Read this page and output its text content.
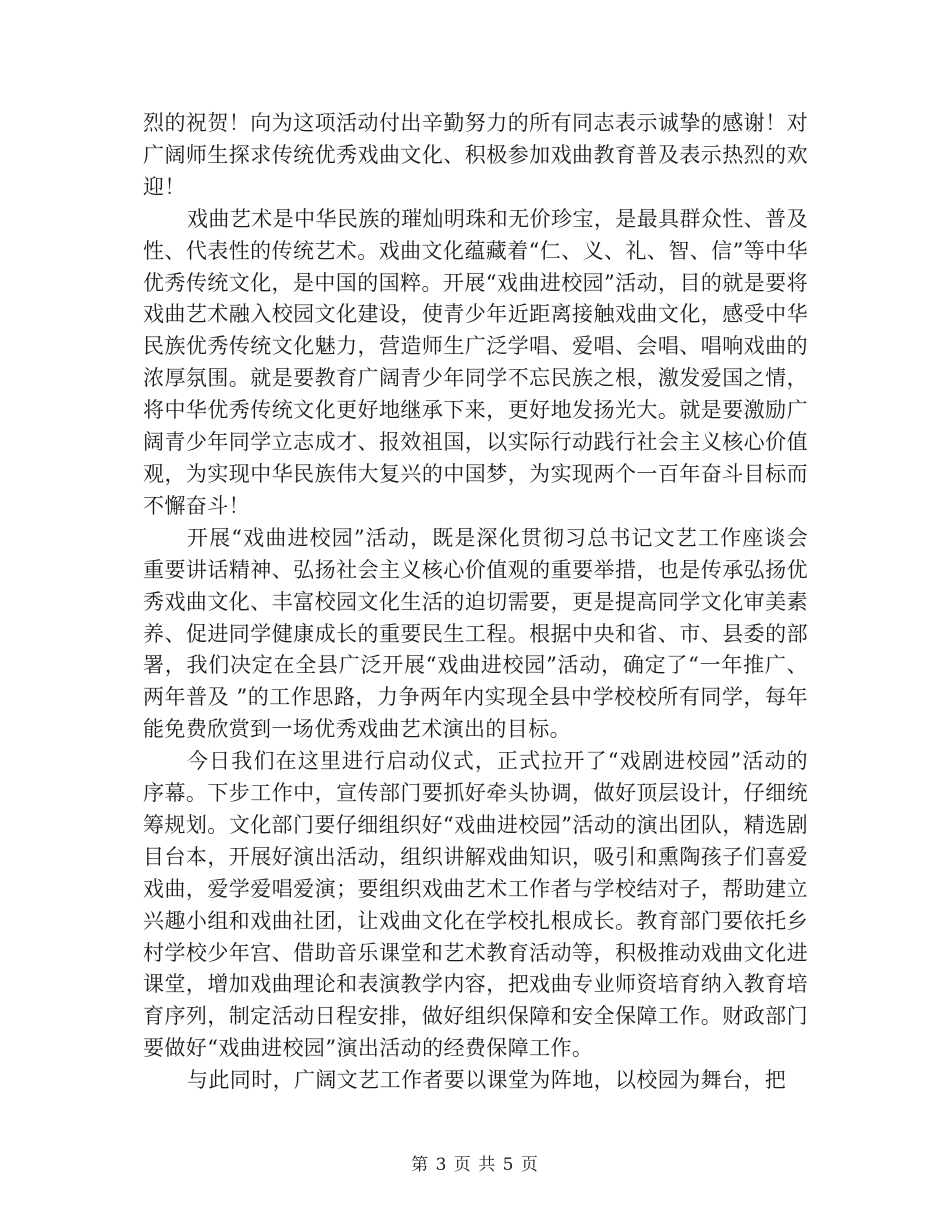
烈的祝贺！向为这项活动付出辛勤努力的所有同志表示诚挚的感谢！对广阔师生探求传统优秀戏曲文化、积极参加戏曲教育普及表示热烈的欢迎！

戏曲艺术是中华民族的璀灿明珠和无价珍宝，是最具群众性、普及性、代表性的传统艺术。戏曲文化蕴藏着“仁、义、礼、智、信”等中华优秀传统文化，是中国的国粹。开展“戏曲进校园”活动，目的就是要将戏曲艺术融入校园文化建设，使青少年近距离接触戏曲文化，感受中华民族优秀传统文化魅力，营造师生广泛学唱、爱唱、会唱、唱响戏曲的浓厚氛围。就是要教育广阔青少年同学不忘民族之根，激发爱国之情，将中华优秀传统文化更好地继承下来，更好地发扬光大。就是要激励广阔青少年同学立志成才、报效祖国，以实际行动践行社会主义核心价值观，为实现中华民族伟大复兴的中国梦，为实现两个一百年奋斗目标而不懈奋斗！

开展“戏曲进校园”活动，既是深化贯彻习总书记文艺工作座谈会重要讲话精神、弘扬社会主义核心价值观的重要举措，也是传承弘扬优秀戏曲文化、丰富校园文化生活的迫切需要，更是提高同学文化审美素养、促进同学健康成长的重要民生工程。根据中央和省、市、县委的部署，我们决定在全县广泛开展“戏曲进校园”活动，确定了“一年推广、两年普及 ”的工作思路，力争两年内实现全县中学校校所有同学，每年能免费欣赏到一场优秀戏曲艺术演出的目标。

今日我们在这里进行启动仪式，正式拉开了“戏剧进校园”活动的序幕。下步工作中，宣传部门要抓好牵头协调，做好顶层设计，仔细统筹规划。文化部门要仔细组织好“戏曲进校园”活动的演出团队，精选剧目台本，开展好演出活动，组织讲解戏曲知识，吸引和熏陶孩子们喜爱戏曲，爱学爱唱爱演；要组织戏曲艺术工作者与学校结对子，帮助建立兴趣小组和戏曲社团，让戏曲文化在学校扎根成长。教育部门要依托乡村学校少年宫、借助音乐课堂和艺术教育活动等，积极推动戏曲文化进课堂，增加戏曲理论和表演教学内容，把戏曲专业师资培育纳入教育培育序列，制定活动日程安排，做好组织保障和安全保障工作。财政部门要做好“戏曲进校园”演出活动的经费保障工作。

与此同时，广阔文艺工作者要以课堂为阵地，以校园为舞台，把

第 3 页 共 5 页
